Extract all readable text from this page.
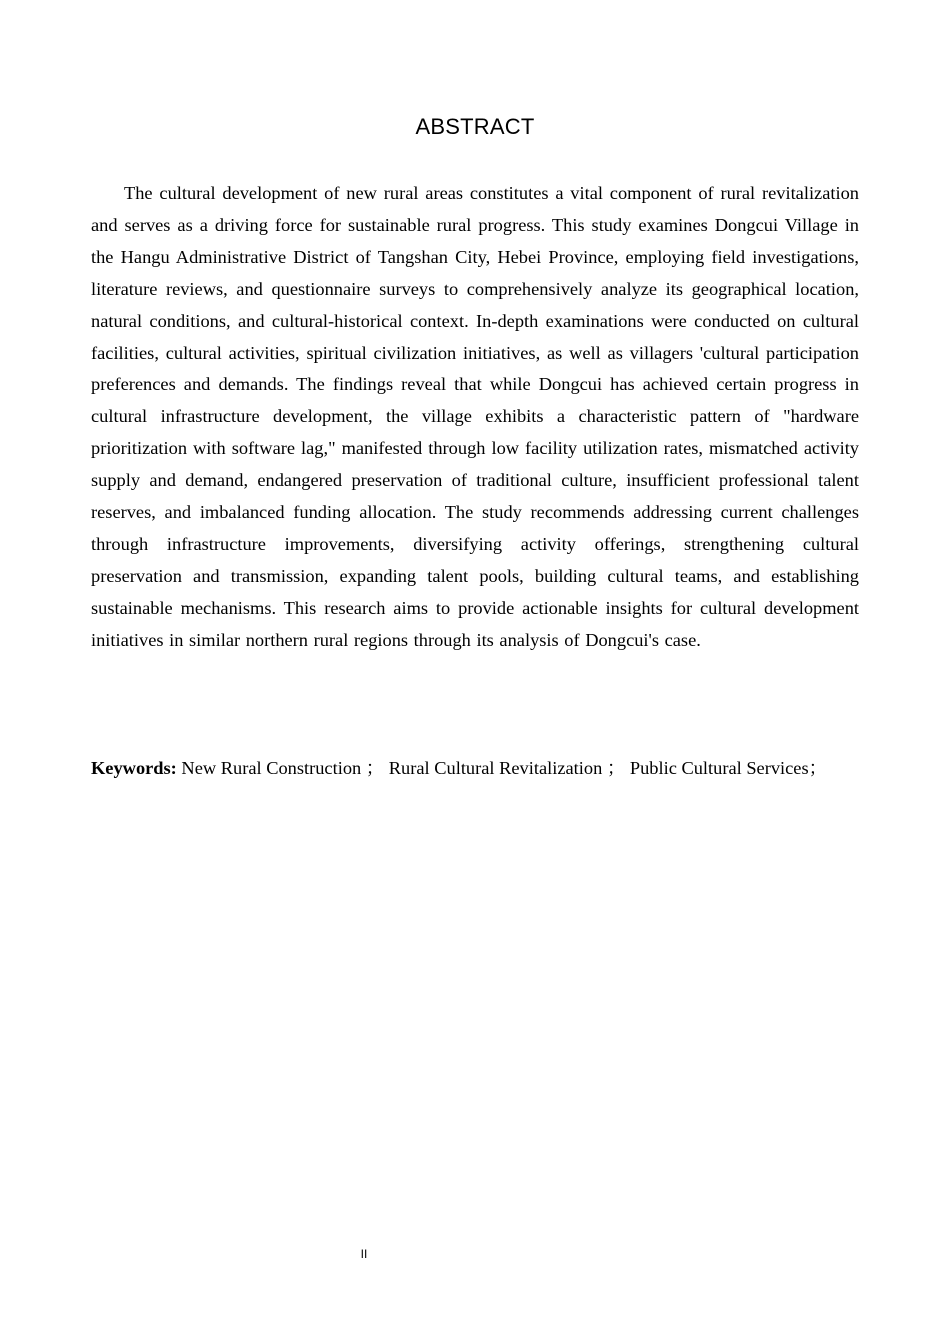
ABSTRACT

The cultural development of new rural areas constitutes a vital component of rural revitalization and serves as a driving force for sustainable rural progress. This study examines Dongcui Village in the Hangu Administrative District of Tangshan City, Hebei Province, employing field investigations, literature reviews, and questionnaire surveys to comprehensively analyze its geographical location, natural conditions, and cultural-historical context. In-depth examinations were conducted on cultural facilities, cultural activities, spiritual civilization initiatives, as well as villagers 'cultural participation preferences and demands. The findings reveal that while Dongcui has achieved certain progress in cultural infrastructure development, the village exhibits a characteristic pattern of "hardware prioritization with software lag," manifested through low facility utilization rates, mismatched activity supply and demand, endangered preservation of traditional culture, insufficient professional talent reserves, and imbalanced funding allocation. The study recommends addressing current challenges through infrastructure improvements, diversifying activity offerings, strengthening cultural preservation and transmission, expanding talent pools, building cultural teams, and establishing sustainable mechanisms. This research aims to provide actionable insights for cultural development initiatives in similar northern rural regions through its analysis of Dongcui's case.

Keywords: New Rural Construction ； Rural Cultural Revitalization ； Public Cultural Services；

II
